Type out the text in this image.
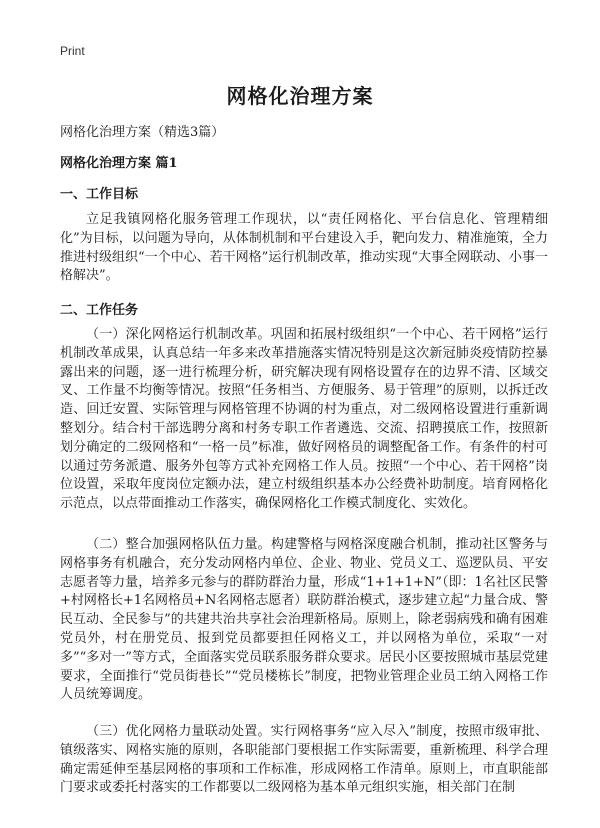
Print
网格化治理方案
网格化治理方案（精选3篇）
网格化治理方案 篇1
一、工作目标
立足我镇网格化服务管理工作现状，以“责任网格化、平台信息化、管理精细化”为目标，以问题为导向，从体制机制和平台建设入手，靶向发力、精准施策，全力推进村级组织“一个中心、若干网格”运行机制改革，推动实现“大事全网联动、小事一格解决”。
二、工作任务
（一）深化网格运行机制改革。巩固和拓展村级组织“一个中心、若干网格”运行机制改革成果，认真总结一年多来改革措施落实情况特别是这次新冠肺炎疫情防控暴露出来的问题，逐一进行梳理分析，研究解决现有网格设置存在的边界不清、区域交叉、工作量不均衡等情况。按照“任务相当、方便服务、易于管理”的原则，以拆迁改造、回迁安置、实际管理与网格管理不协调的村为重点，对二级网格设置进行重新调整划分。结合村干部选聘分离和村务专职工作者遴选、交流、招聘摸底工作，按照新划分确定的二级网格和“一格一员”标准，做好网格员的调整配备工作。有条件的村可以通过劳务派遣、服务外包等方式补充网格工作人员。按照“一个中心、若干网格”岗位设置，采取年度岗位定额办法，建立村级组织基本办公经费补助制度。培育网格化示范点，以点带面推动工作落实，确保网格化工作模式制度化、实效化。
（二）整合加强网格队伍力量。构建警格与网格深度融合机制，推动社区警务与网格事务有机融合，充分发动网格内单位、企业、物业、党员义工、巡逻队员、平安志愿者等力量，培养多元参与的群防群治力量，形成“1+1+1+N”（即：1名社区民警+村网格长+1名网格员+N名网格志愿者）联防群治模式，逐步建立起“力量合成、警民互动、全民参与”的共建共治共享社会治理新格局。原则上，除老弱病残和确有困难党员外，村在册党员、报到党员都要担任网格义工，并以网格为单位，采取“一对多”“多对一”等方式，全面落实党员联系服务群众要求。居民小区要按照城市基层党建要求，全面推行“党员街巷长”“党员楼栋长”制度，把物业管理企业员工纳入网格工作人员统筹调度。
（三）优化网格力量联动处置。实行网格事务“应入尽入”制度，按照市级审批、镇级落实、网格实施的原则，各职能部门要根据工作实际需要，重新梳理、科学合理确定需延伸至基层网格的事项和工作标准，形成网格工作清单。原则上，市直职能部门要求或委托村落实的工作都要以二级网格为基本单元组织实施，相关部门在制
